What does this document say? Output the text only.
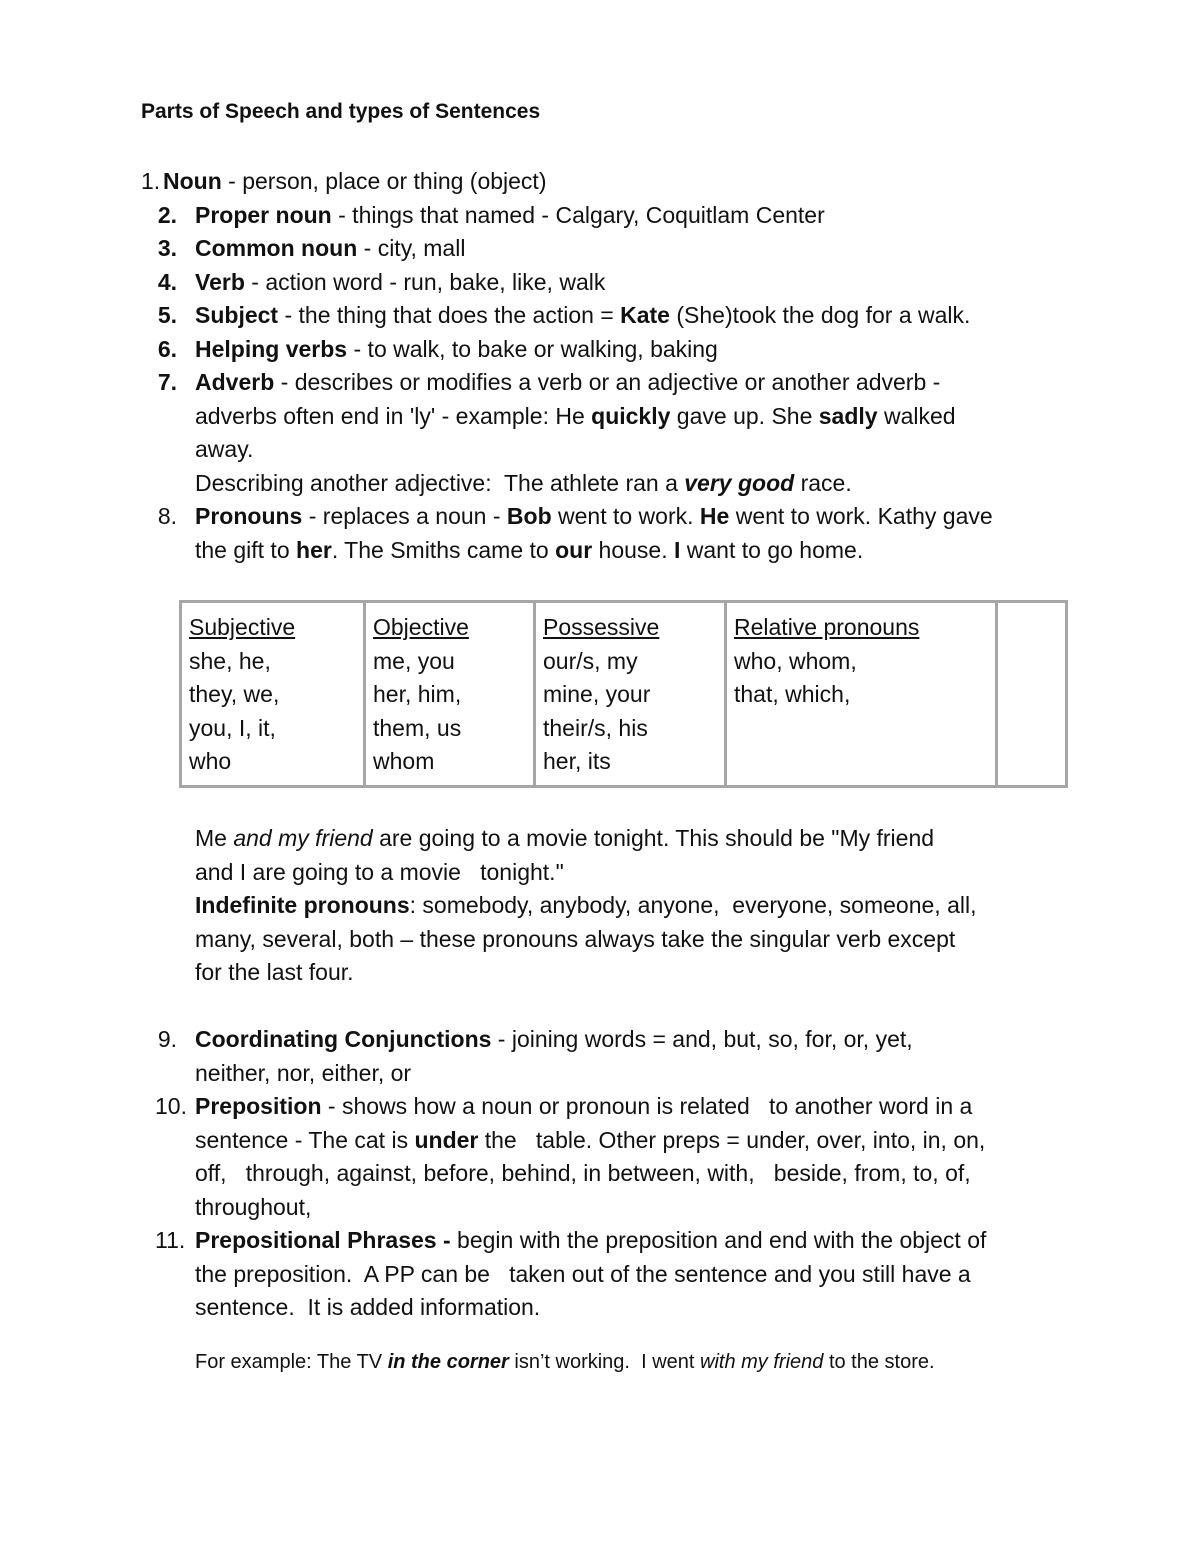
Parts of Speech and types of Sentences
1. Noun - person, place or thing (object)
2. Proper noun - things that named - Calgary, Coquitlam Center
3. Common noun - city, mall
4. Verb - action word - run, bake, like, walk
5. Subject - the thing that does the action = Kate (She)took the dog for a walk.
6. Helping verbs - to walk, to bake or walking, baking
7. Adverb - describes or modifies a verb or an adjective or another adverb -
adverbs often end in 'ly' - example: He quickly gave up. She sadly walked
away.
Describing another adjective:  The athlete ran a very good race.
8. Pronouns - replaces a noun - Bob went to work. He went to work. Kathy gave
the gift to her. The Smiths came to our house. I want to go home.
Subjective
she, he,
they, we,
you, I, it,
who

Objective
me, you
her, him,
them, us
whom

Possessive
our/s, my
mine, your
their/s, his
her, its

Relative pronouns
who, whom,
that, which,

Me and my friend are going to a movie tonight. This should be "My friend
and I are going to a movie   tonight."
Indefinite pronouns: somebody, anybody, anyone,  everyone, someone, all,
many, several, both – these pronouns always take the singular verb except
for the last four.
9. Coordinating Conjunctions - joining words = and, but, so, for, or, yet,
neither, nor, either, or
10. Preposition - shows how a noun or pronoun is related   to another word in a
sentence - The cat is under the   table. Other preps = under, over, into, in, on,
off,   through, against, before, behind, in between, with,   beside, from, to, of,
throughout,
11. Prepositional Phrases - begin with the preposition and end with the object of
the preposition.  A PP can be   taken out of the sentence and you still have a
sentence.  It is added information.
For example: The TV in the corner isn’t working.  I went with my friend to the store.
